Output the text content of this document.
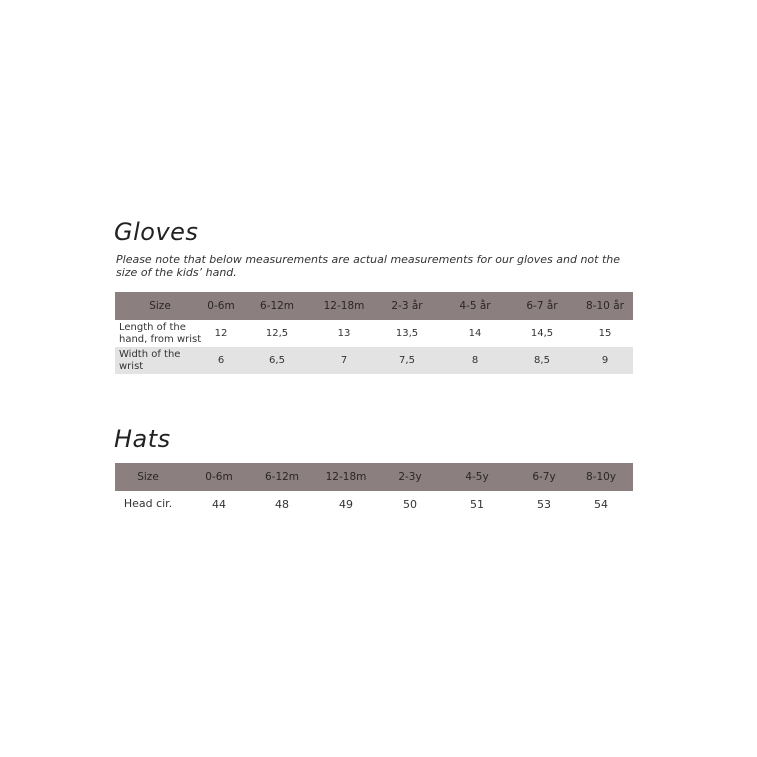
Gloves

Please note that below measurements are actual measurements for our gloves and not the size of the kids’ hand.

Size	0-6m	6-12m	12-18m	2-3 år	4-5 år	6-7 år	8-10 år
Length of the hand, from wrist	12	12,5	13	13,5	14	14,5	15
Width of the wrist	6	6,5	7	7,5	8	8,5	9
Hats
Size	0-6m	6-12m	12-18m	2-3y	4-5y	6-7y	8-10y
Head cir.	44	48	49	50	51	53	54
